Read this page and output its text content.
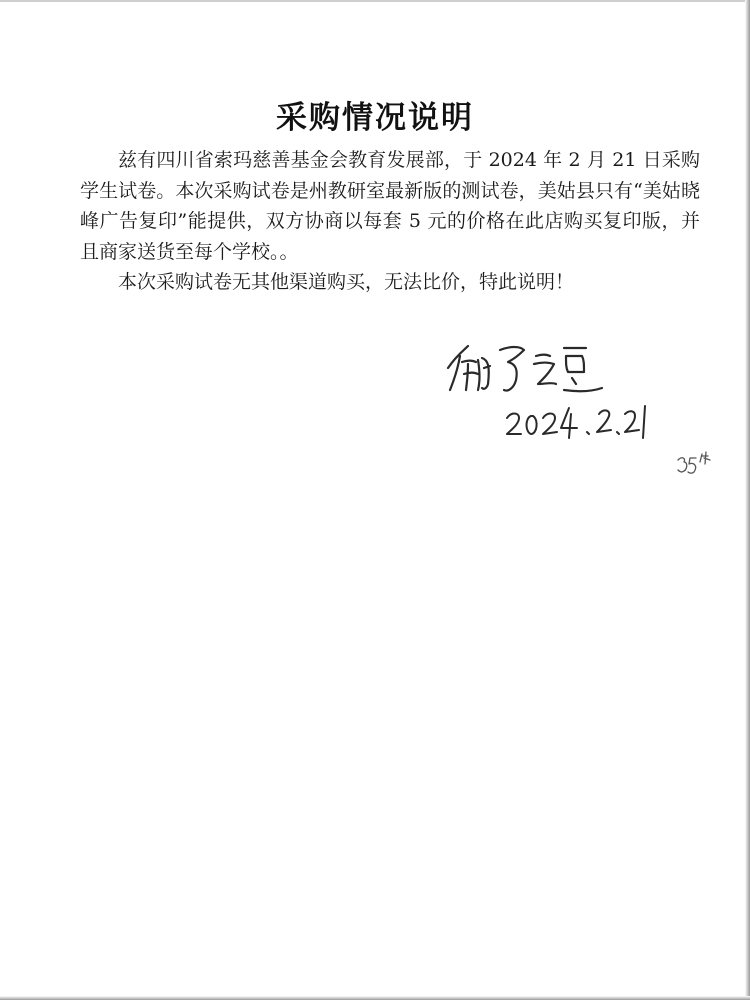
采购情况说明

兹有四川省索玛慈善基金会教育发展部，于 2024 年 2 月 21 日采购学生试卷。本次采购试卷是州教研室最新版的测试卷，美姑县只有“美姑晓峰广告复印”能提供，双方协商以每套 5 元的价格在此店购买复印版，并且商家送货至每个学校。。

本次采购试卷无其他渠道购买，无法比价，特此说明！
